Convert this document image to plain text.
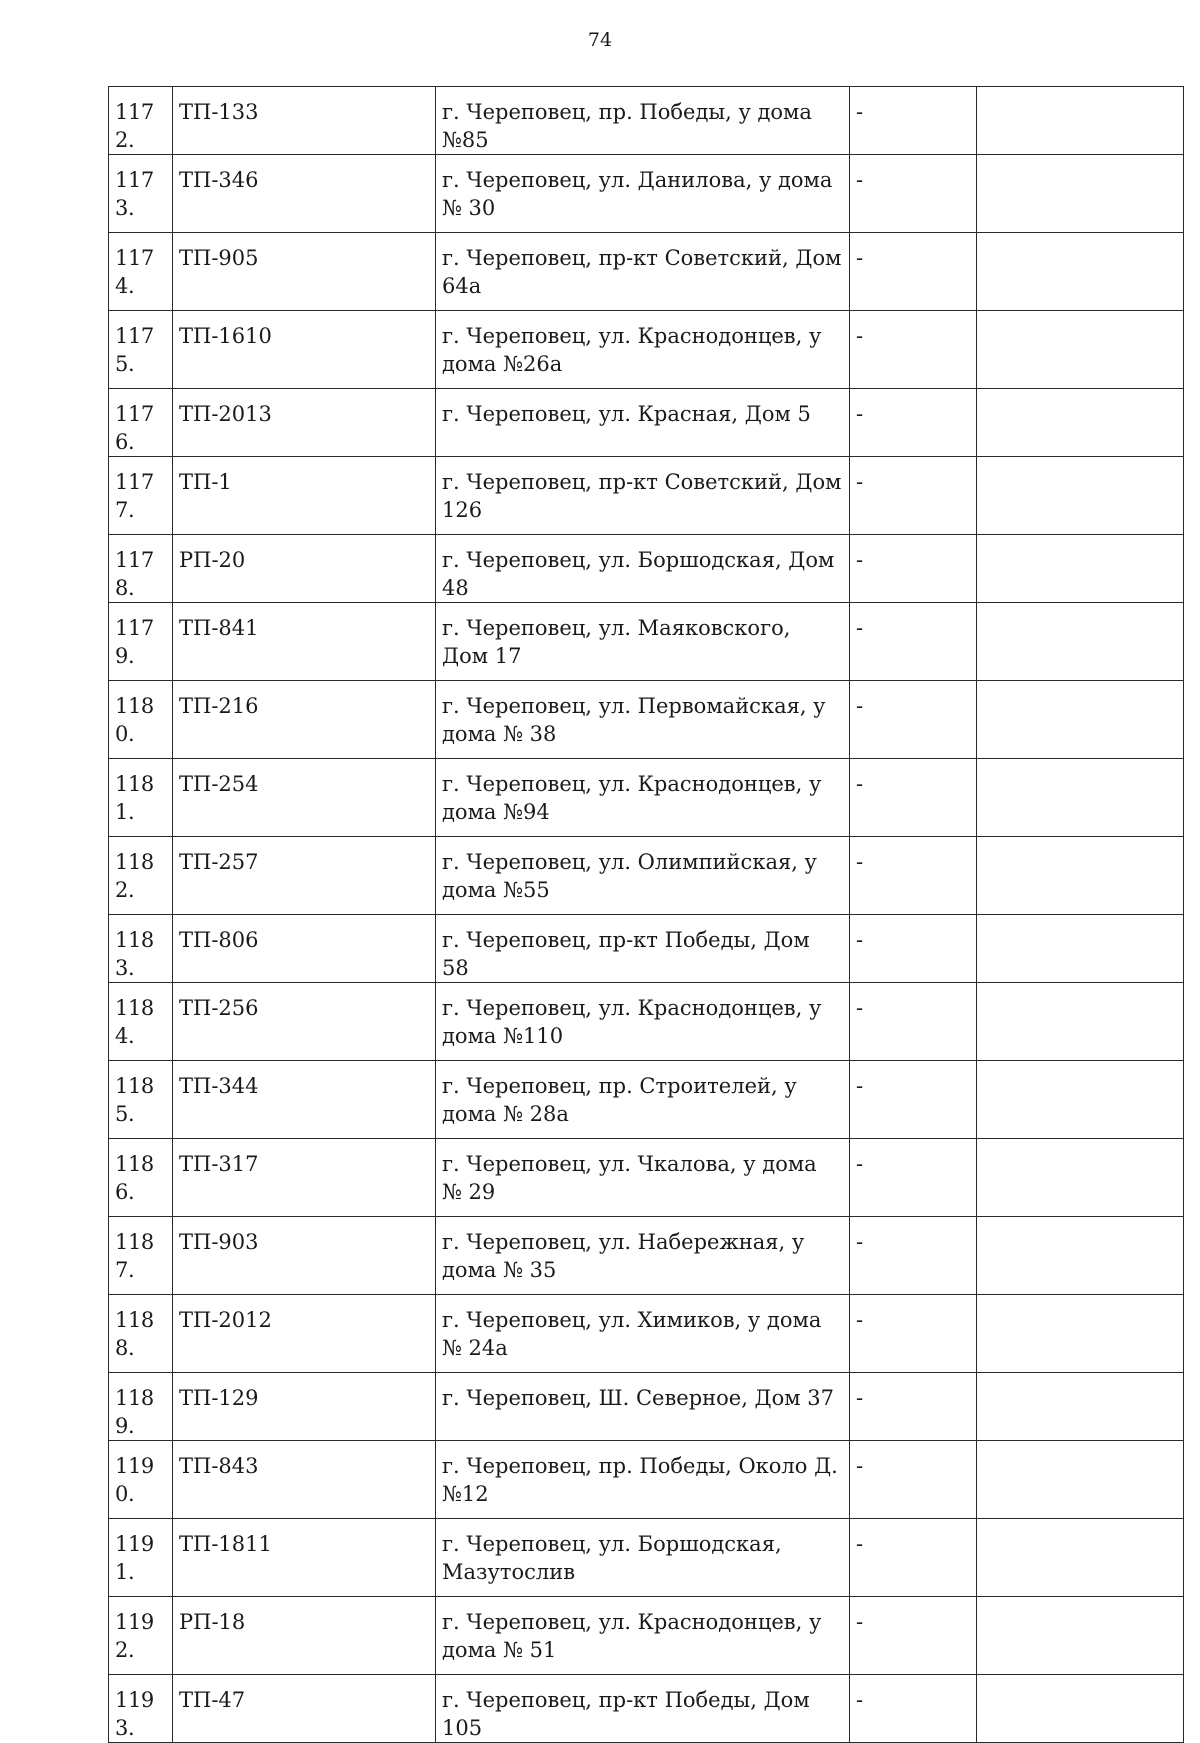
74
1172.	ТП-133	г. Череповец, пр. Победы, у дома №85	-	
1173.	ТП-346	г. Череповец, ул. Данилова, у дома № 30	-	
1174.	ТП-905	г. Череповец, пр-кт Советский, Дом 64а	-	
1175.	ТП-1610	г. Череповец, ул. Краснодонцев, у дома №26а	-	
1176.	ТП-2013	г. Череповец, ул. Красная, Дом 5	-	
1177.	ТП-1	г. Череповец, пр-кт Советский, Дом 126	-	
1178.	РП-20	г. Череповец, ул. Боршодская, Дом 48	-	
1179.	ТП-841	г. Череповец, ул. Маяковского, Дом 17	-	
1180.	ТП-216	г. Череповец, ул. Первомайская, у дома № 38	-	
1181.	ТП-254	г. Череповец, ул. Краснодонцев, у дома №94	-	
1182.	ТП-257	г. Череповец, ул. Олимпийская, у дома №55	-	
1183.	ТП-806	г. Череповец, пр-кт Победы, Дом 58	-	
1184.	ТП-256	г. Череповец, ул. Краснодонцев, у дома №110	-	
1185.	ТП-344	г. Череповец, пр. Строителей, у дома № 28а	-	
1186.	ТП-317	г. Череповец, ул. Чкалова, у дома № 29	-	
1187.	ТП-903	г. Череповец, ул. Набережная, у дома № 35	-	
1188.	ТП-2012	г. Череповец, ул. Химиков, у дома № 24а	-	
1189.	ТП-129	г. Череповец, Ш. Северное, Дом 37	-	
1190.	ТП-843	г. Череповец, пр. Победы, Около Д.№12	-	
1191.	ТП-1811	г. Череповец, ул. Боршодская, Мазутослив	-	
1192.	РП-18	г. Череповец, ул. Краснодонцев, у дома № 51	-	
1193.	ТП-47	г. Череповец, пр-кт Победы, Дом 105	-	
